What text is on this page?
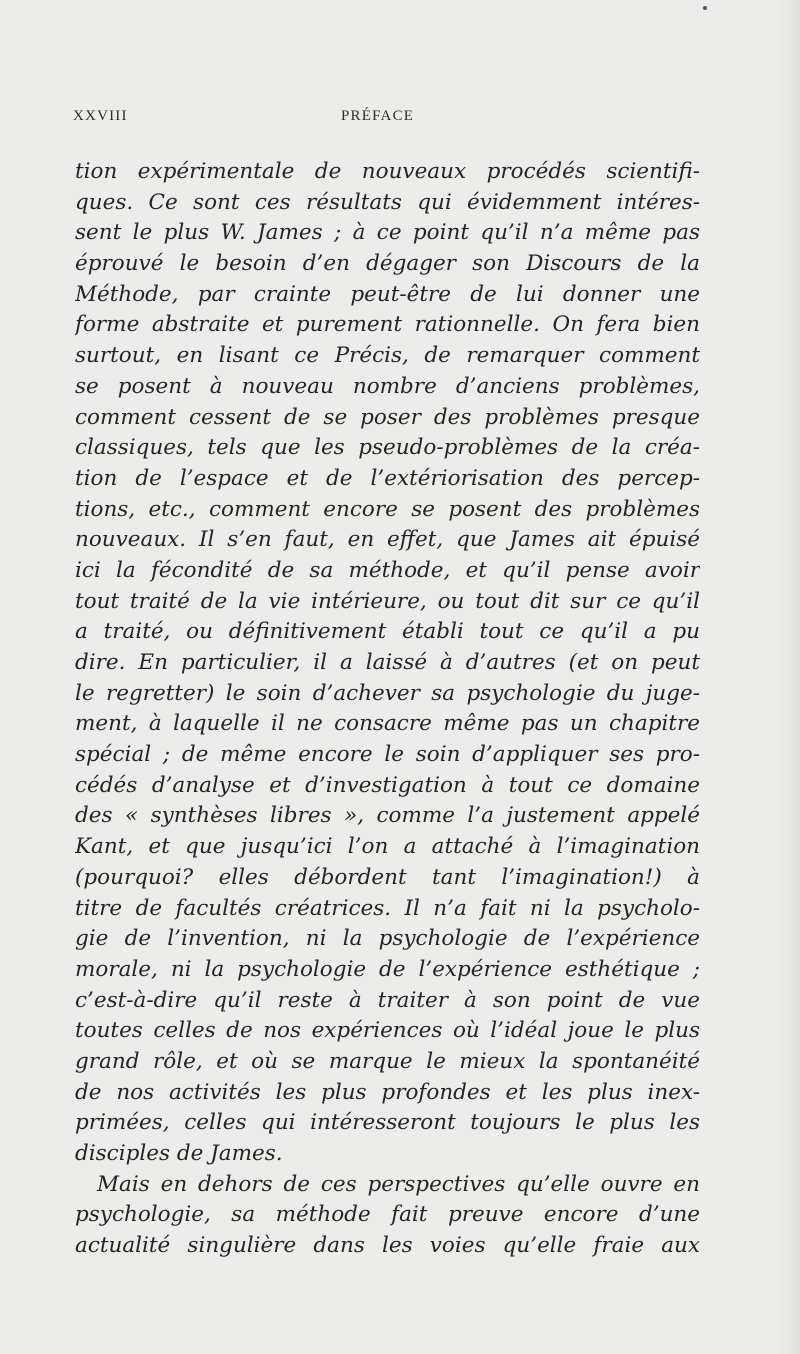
XXVIII	PRÉFACE
tion expérimentale de nouveaux procédés scientifi-
ques. Ce sont ces résultats qui évidemment intéres-
sent le plus W. James ; à ce point qu’il n’a même pas
éprouvé le besoin d’en dégager son Discours de la
Méthode, par crainte peut-être de lui donner une
forme abstraite et purement rationnelle. On fera bien
surtout, en lisant ce Précis, de remarquer comment
se posent à nouveau nombre d’anciens problèmes,
comment cessent de se poser des problèmes presque
classiques, tels que les pseudo-problèmes de la créa-
tion de l’espace et de l’extériorisation des percep-
tions, etc., comment encore se posent des problèmes
nouveaux. Il s’en faut, en effet, que James ait épuisé
ici la fécondité de sa méthode, et qu’il pense avoir
tout traité de la vie intérieure, ou tout dit sur ce qu’il
a traité, ou définitivement établi tout ce qu’il a pu
dire. En particulier, il a laissé à d’autres (et on peut
le regretter) le soin d’achever sa psychologie du juge-
ment, à laquelle il ne consacre même pas un chapitre
spécial ; de même encore le soin d’appliquer ses pro-
cédés d’analyse et d’investigation à tout ce domaine
des « synthèses libres », comme l’a justement appelé
Kant, et que jusqu’ici l’on a attaché à l’imagination
(pourquoi? elles débordent tant l’imagination!) à
titre de facultés créatrices. Il n’a fait ni la psycholo-
gie de l’invention, ni la psychologie de l’expérience
morale, ni la psychologie de l’expérience esthétique ;
c’est-à-dire qu’il reste à traiter à son point de vue
toutes celles de nos expériences où l’idéal joue le plus
grand rôle, et où se marque le mieux la spontanéité
de nos activités les plus profondes et les plus inex-
primées, celles qui intéresseront toujours le plus les
disciples de James.
Mais en dehors de ces perspectives qu’elle ouvre en
psychologie, sa méthode fait preuve encore d’une
actualité singulière dans les voies qu’elle fraie aux
